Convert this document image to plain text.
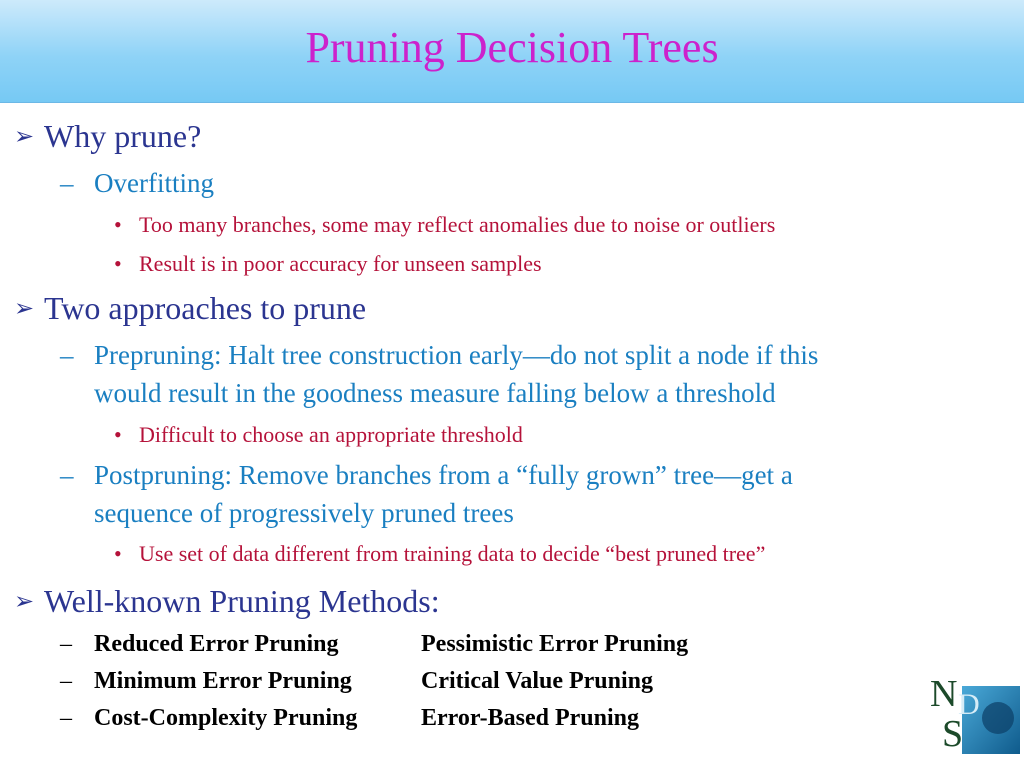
Pruning Decision Trees
➢ Why prune?
– Overfitting
• Too many branches, some may reflect anomalies due to noise or outliers
• Result is in poor accuracy for unseen samples
➢ Two approaches to prune
– Prepruning: Halt tree construction early—do not split a node if this
would result in the goodness measure falling below a threshold
• Difficult to choose an appropriate threshold
– Postpruning: Remove branches from a “fully grown” tree—get a
sequence of progressively pruned trees
• Use set of data different from training data to decide “best pruned tree”
➢ Well-known Pruning Methods:
– Reduced Error Pruning	Pessimistic Error Pruning
– Minimum Error Pruning	Critical Value Pruning
– Cost-Complexity Pruning	Error-Based Pruning
N D
S
